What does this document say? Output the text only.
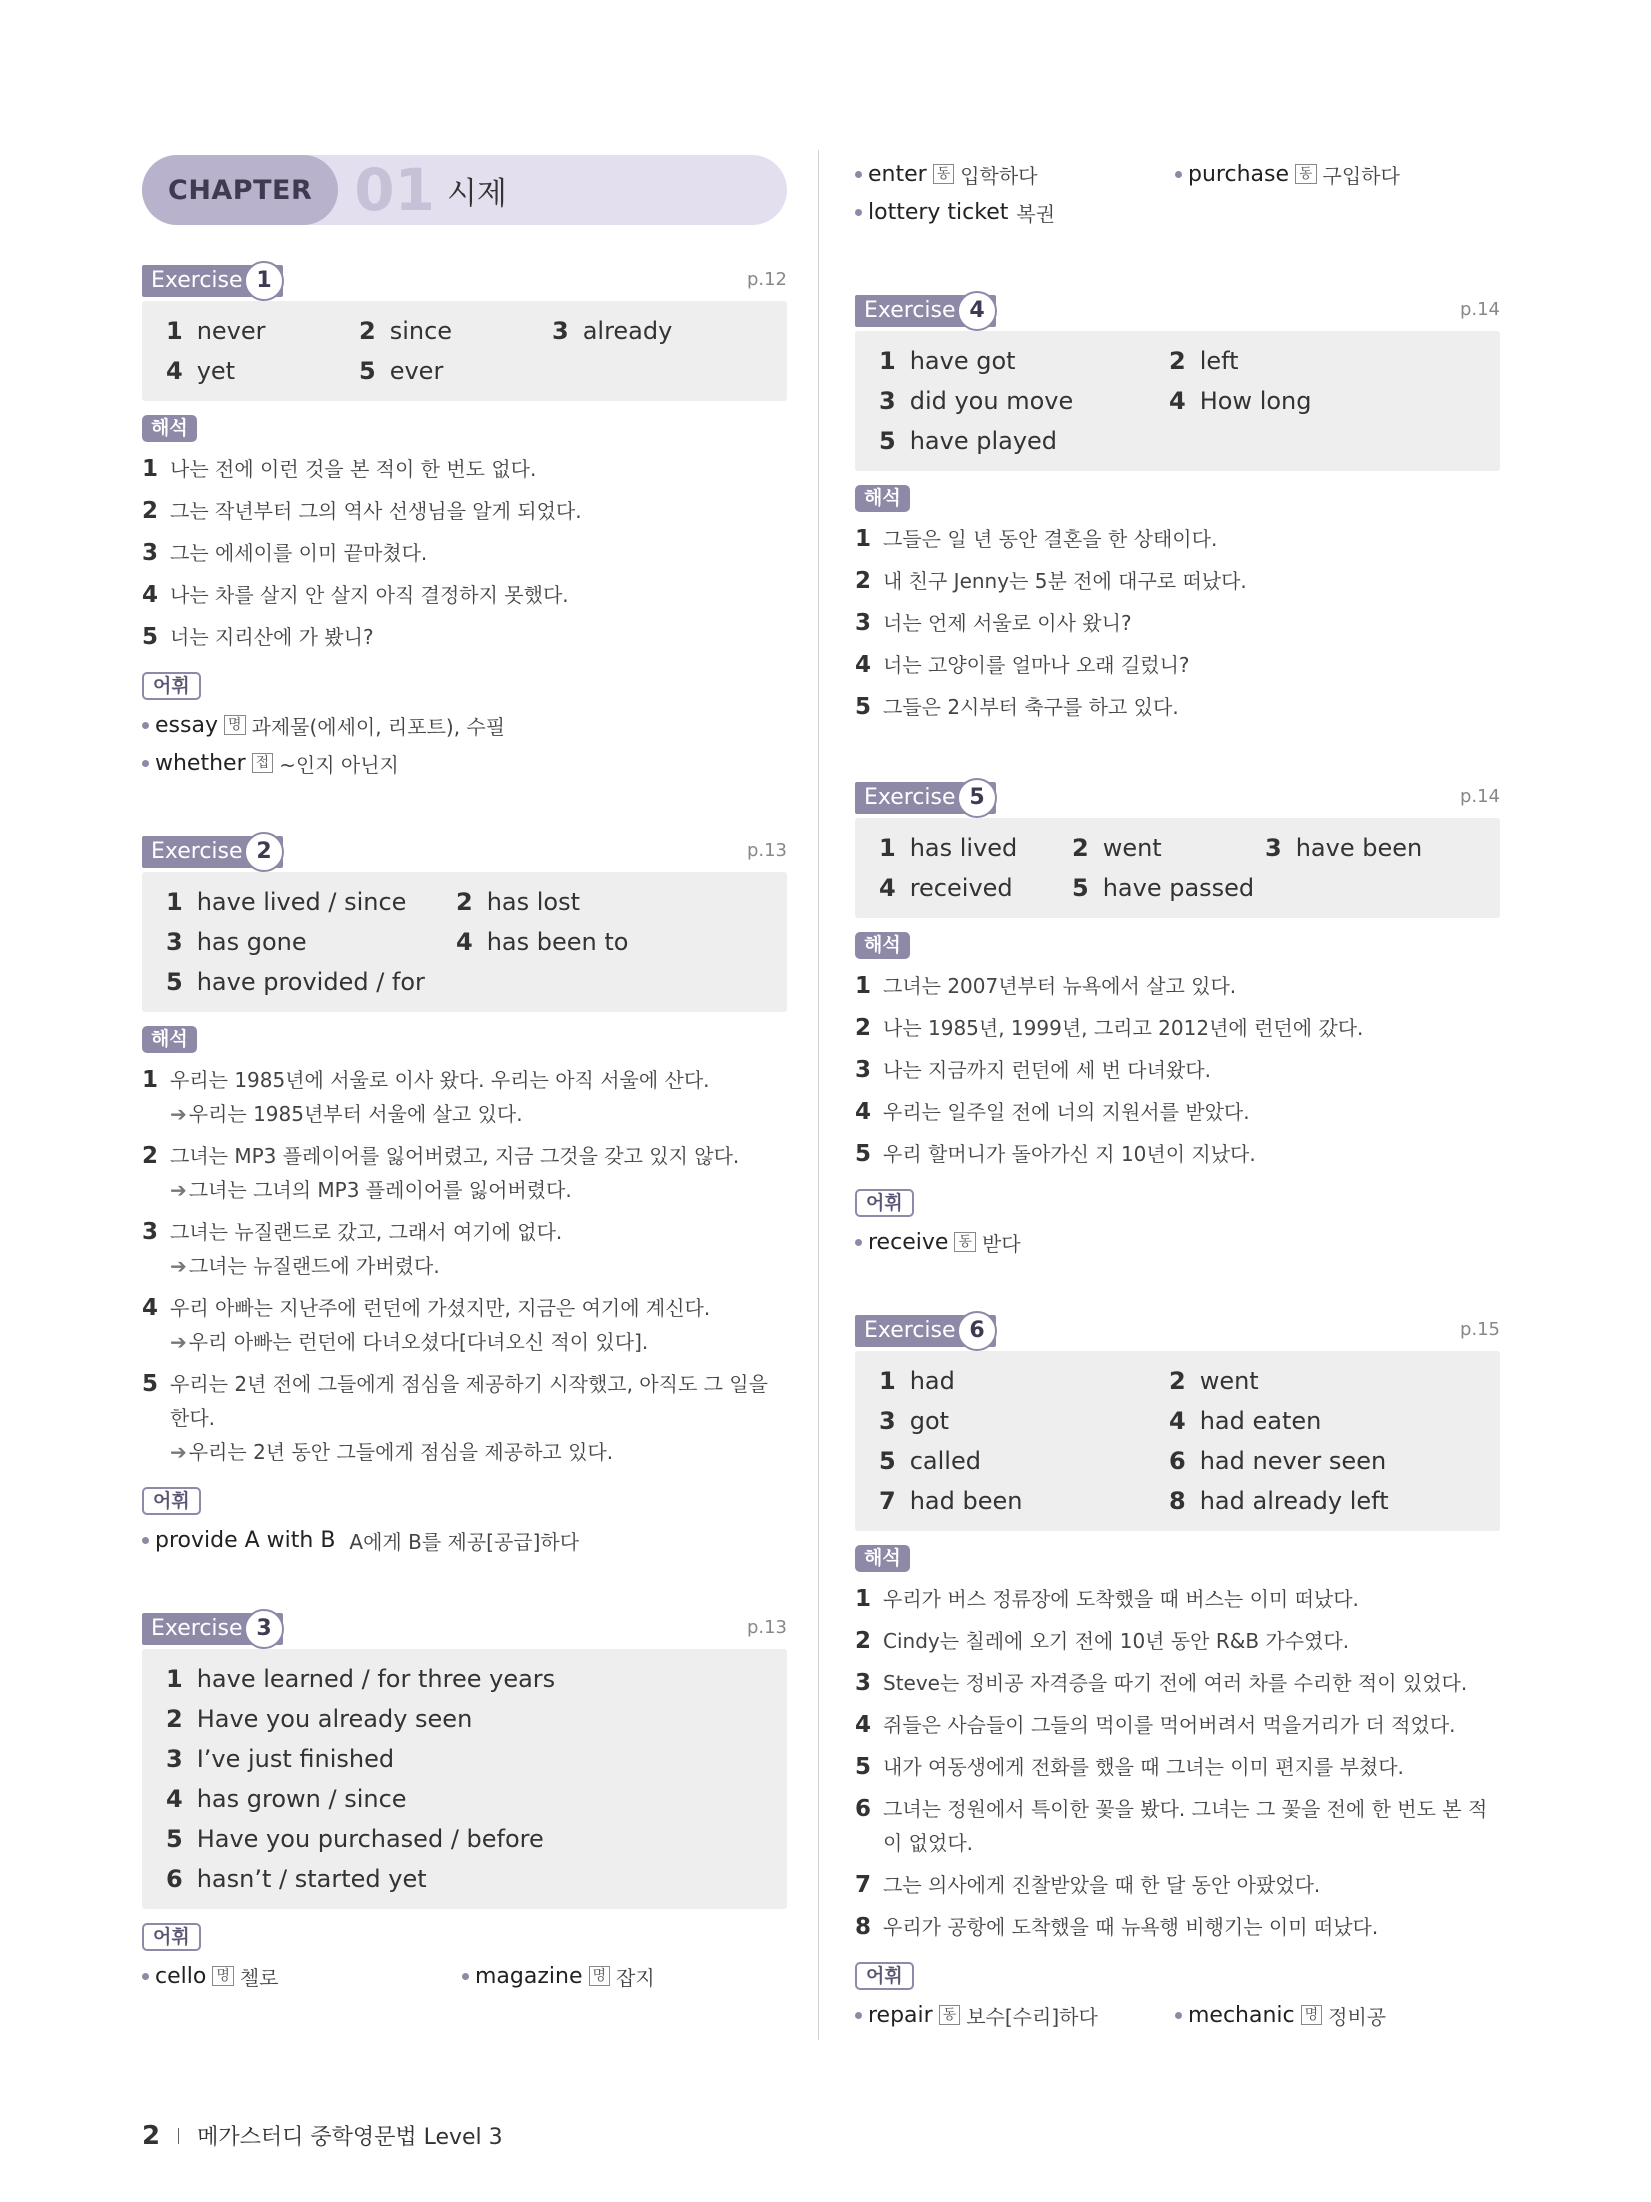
CHAPTER 01 시제
Exercise 1	p.12
1 never	2 since	3 already
4 yet	5 ever
해석
1 나는 전에 이런 것을 본 적이 한 번도 없다.
2 그는 작년부터 그의 역사 선생님을 알게 되었다.
3 그는 에세이를 이미 끝마쳤다.
4 나는 차를 살지 안 살지 아직 결정하지 못했다.
5 너는 지리산에 가 봤니?
어휘
essay 명 과제물(에세이, 리포트), 수필
whether 접 ~인지 아닌지
Exercise 2	p.13
1 have lived / since 2 has lost
3 has gone	4 has been to
5 have provided / for
해석
1 우리는 1985년에 서울로 이사 왔다. 우리는 아직 서울에 산다.
➔ 우리는 1985년부터 서울에 살고 있다.
2 그녀는 MP3 플레이어를 잃어버렸고, 지금 그것을 갖고 있지 않다.
➔ 그녀는 그녀의 MP3 플레이어를 잃어버렸다.
3 그녀는 뉴질랜드로 갔고, 그래서 여기에 없다.
➔ 그녀는 뉴질랜드에 가버렸다.
4 우리 아빠는 지난주에 런던에 가셨지만, 지금은 여기에 계신다.
➔ 우리 아빠는 런던에 다녀오셨다[다녀오신 적이 있다].
5 우리는 2년 전에 그들에게 점심을 제공하기 시작했고, 아직도 그 일을
한다.
➔ 우리는 2년 동안 그들에게 점심을 제공하고 있다.
어휘
provide A with B A에게 B를 제공[공급]하다
Exercise 3	p.13
1 have learned / for three years
2 Have you already seen
3 I’ve just finished
4 has grown / since
5 Have you purchased / before
6 hasn’t / started yet
어휘
cello 명 첼로	magazine 명 잡지
enter 동 입학하다	purchase 동 구입하다
lottery ticket 복권
Exercise 4	p.14
1 have got	2 left
3 did you move	4 How long
5 have played
해석
1 그들은 일 년 동안 결혼을 한 상태이다.
2 내 친구 Jenny는 5분 전에 대구로 떠났다.
3 너는 언제 서울로 이사 왔니?
4 너는 고양이를 얼마나 오래 길렀니?
5 그들은 2시부터 축구를 하고 있다.
Exercise 5	p.14
1 has lived 2 went	3 have been
4 received 5 have passed
해석
1 그녀는 2007년부터 뉴욕에서 살고 있다.
2 나는 1985년, 1999년, 그리고 2012년에 런던에 갔다.
3 나는 지금까지 런던에 세 번 다녀왔다.
4 우리는 일주일 전에 너의 지원서를 받았다.
5 우리 할머니가 돌아가신 지 10년이 지났다.
어휘
receive 동 받다
Exercise 6	p.15
1 had	2 went
3 got	4 had eaten
5 called	6 had never seen
7 had been	8 had already left
해석
1 우리가 버스 정류장에 도착했을 때 버스는 이미 떠났다.
2 Cindy는 칠레에 오기 전에 10년 동안 R&B 가수였다.
3 Steve는 정비공 자격증을 따기 전에 여러 차를 수리한 적이 있었다.
4 쥐들은 사슴들이 그들의 먹이를 먹어버려서 먹을거리가 더 적었다.
5 내가 여동생에게 전화를 했을 때 그녀는 이미 편지를 부쳤다.
6 그녀는 정원에서 특이한 꽃을 봤다. 그녀는 그 꽃을 전에 한 번도 본 적
이 없었다.
7 그는 의사에게 진찰받았을 때 한 달 동안 아팠었다.
8 우리가 공항에 도착했을 때 뉴욕행 비행기는 이미 떠났다.
어휘
repair 동 보수[수리]하다	mechanic 명 정비공
2 메가스터디 중학영문법 Level 3
